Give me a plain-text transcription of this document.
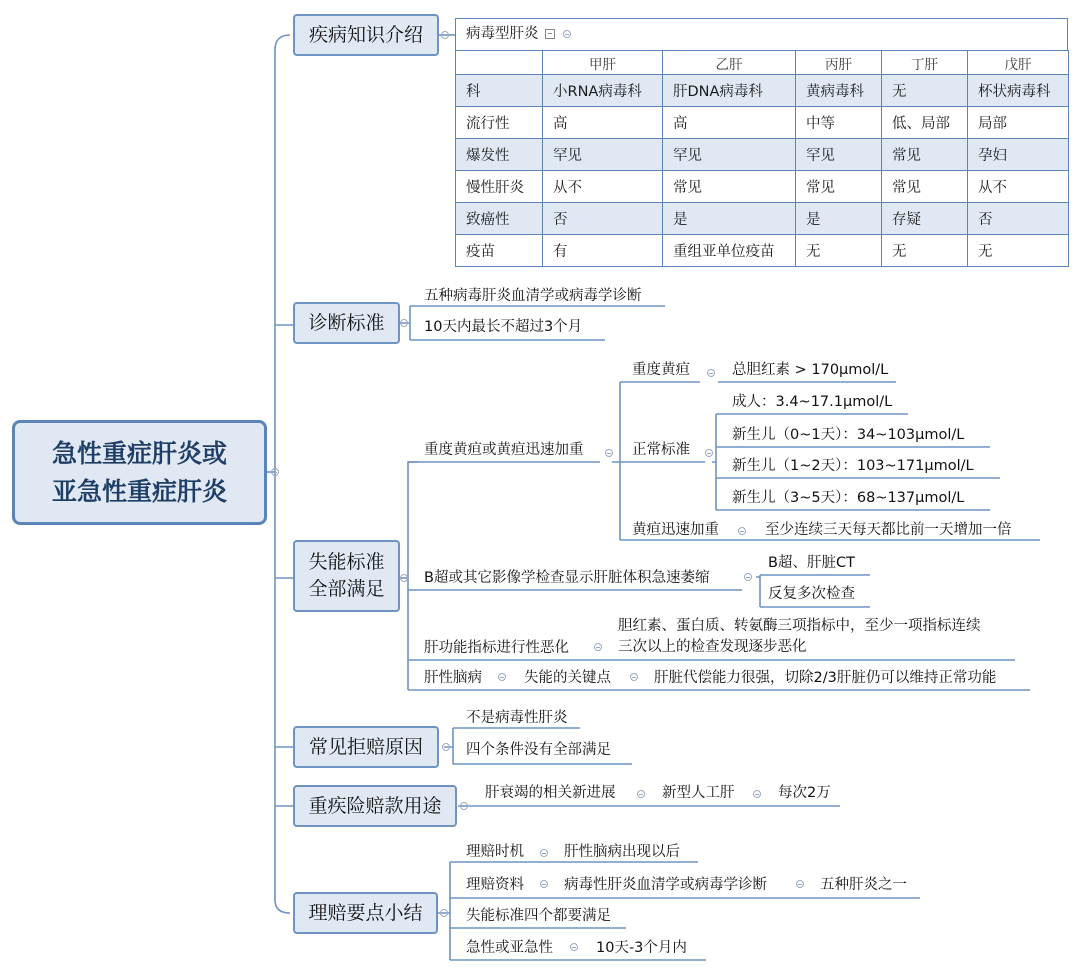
急性重症肝炎或
亚急性重症肝炎
疾病知识介绍	病毒型肝炎
	甲肝	乙肝	丙肝	丁肝	戊肝
科	小RNA病毒科	肝DNA病毒科	黄病毒科	无	杯状病毒科
流行性	高	高	中等	低、局部	局部
爆发性	罕见	罕见	罕见	常见	孕妇
慢性肝炎	从不	常见	常见	常见	从不
致癌性	否	是	是	存疑	否
疫苗	有	重组亚单位疫苗	无	无	无
诊断标准
五种病毒肝炎血清学或病毒学诊断
10天内最长不超过3个月
失能标准
全部满足
重度黄疸或黄疸迅速加重
重度黄疸	总胆红素 > 170μmol/L
正常标准
成人：3.4~17.1μmol/L
新生儿（0~1天）：34~103μmol/L
新生儿（1~2天）：103~171μmol/L
新生儿（3~5天）：68~137μmol/L
黄疸迅速加重	至少连续三天每天都比前一天增加一倍
B超或其它影像学检查显示肝脏体积急速萎缩
B超、肝脏CT
反复多次检查
肝功能指标进行性恶化
胆红素、蛋白质、转氨酶三项指标中，至少一项指标连续
三次以上的检查发现逐步恶化
肝性脑病	失能的关键点	肝脏代偿能力很强，切除2/3肝脏仍可以维持正常功能
常见拒赔原因
不是病毒性肝炎
四个条件没有全部满足
重疾险赔款用途
肝衰竭的相关新进展	新型人工肝	每次2万
理赔要点小结
理赔时机	肝性脑病出现以后
理赔资料	病毒性肝炎血清学或病毒学诊断	五种肝炎之一
失能标准四个都要满足
急性或亚急性	10天-3个月内
